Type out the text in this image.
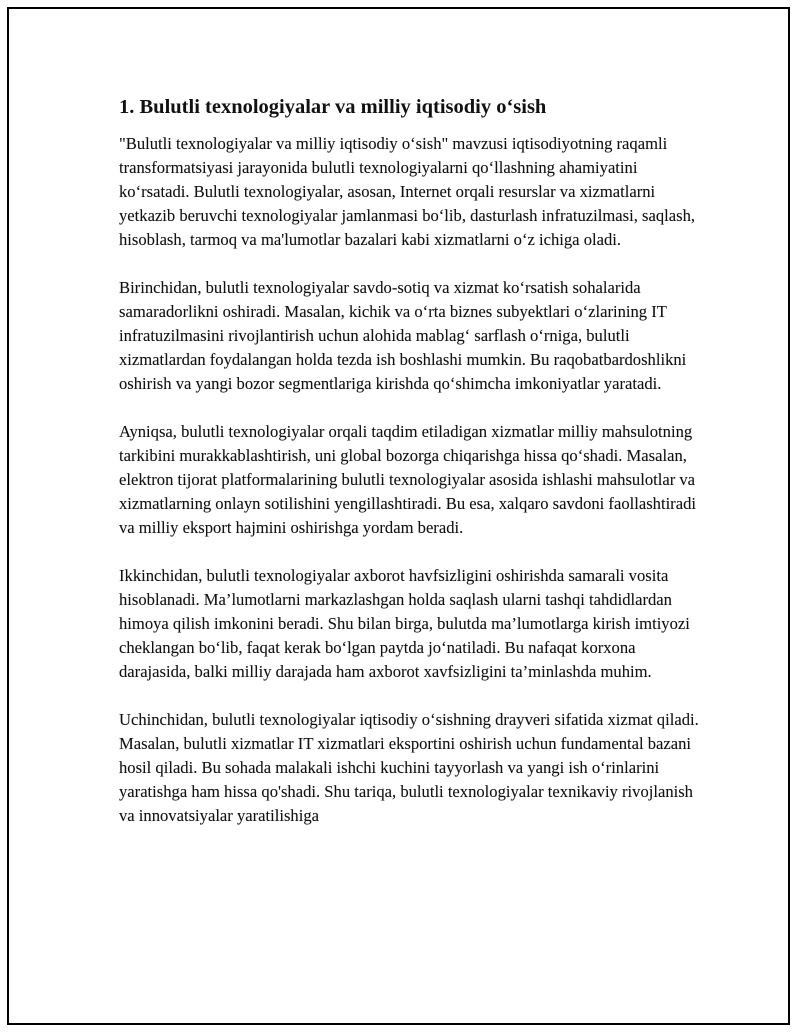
1. Bulutli texnologiyalar va milliy iqtisodiy o‘sish

"Bulutli texnologiyalar va milliy iqtisodiy o‘sish" mavzusi iqtisodiyotning raqamli transformatsiyasi jarayonida bulutli texnologiyalarni qo‘llashning ahamiyatini ko‘rsatadi. Bulutli texnologiyalar, asosan, Internet orqali resurslar va xizmatlarni yetkazib beruvchi texnologiyalar jamlanmasi bo‘lib, dasturlash infratuzilmasi, saqlash, hisoblash, tarmoq va ma'lumotlar bazalari kabi xizmatlarni o‘z ichiga oladi.

Birinchidan, bulutli texnologiyalar savdo-sotiq va xizmat ko‘rsatish sohalarida samaradorlikni oshiradi. Masalan, kichik va o‘rta biznes subyektlari o‘zlarining IT infratuzilmasini rivojlantirish uchun alohida mablag‘ sarflash o‘rniga, bulutli xizmatlardan foydalangan holda tezda ish boshlashi mumkin. Bu raqobatbardoshlikni oshirish va yangi bozor segmentlariga kirishda qo‘shimcha imkoniyatlar yaratadi.

Ayniqsa, bulutli texnologiyalar orqali taqdim etiladigan xizmatlar milliy mahsulotning tarkibini murakkablashtirish, uni global bozorga chiqarishga hissa qo‘shadi. Masalan, elektron tijorat platformalarining bulutli texnologiyalar asosida ishlashi mahsulotlar va xizmatlarning onlayn sotilishini yengillashtiradi. Bu esa, xalqaro savdoni faollashtiradi va milliy eksport hajmini oshirishga yordam beradi.

Ikkinchidan, bulutli texnologiyalar axborot havfsizligini oshirishda samarali vosita hisoblanadi. Ma’lumotlarni markazlashgan holda saqlash ularni tashqi tahdidlardan himoya qilish imkonini beradi. Shu bilan birga, bulutda ma’lumotlarga kirish imtiyozi cheklangan bo‘lib, faqat kerak bo‘lgan paytda jo‘natiladi. Bu nafaqat korxona darajasida, balki milliy darajada ham axborot xavfsizligini ta’minlashda muhim.

Uchinchidan, bulutli texnologiyalar iqtisodiy o‘sishning drayveri sifatida xizmat qiladi. Masalan, bulutli xizmatlar IT xizmatlari eksportini oshirish uchun fundamental bazani hosil qiladi. Bu sohada malakali ishchi kuchini tayyorlash va yangi ish o‘rinlarini yaratishga ham hissa qo'shadi. Shu tariqa, bulutli texnologiyalar texnikaviy rivojlanish va innovatsiyalar yaratilishiga
